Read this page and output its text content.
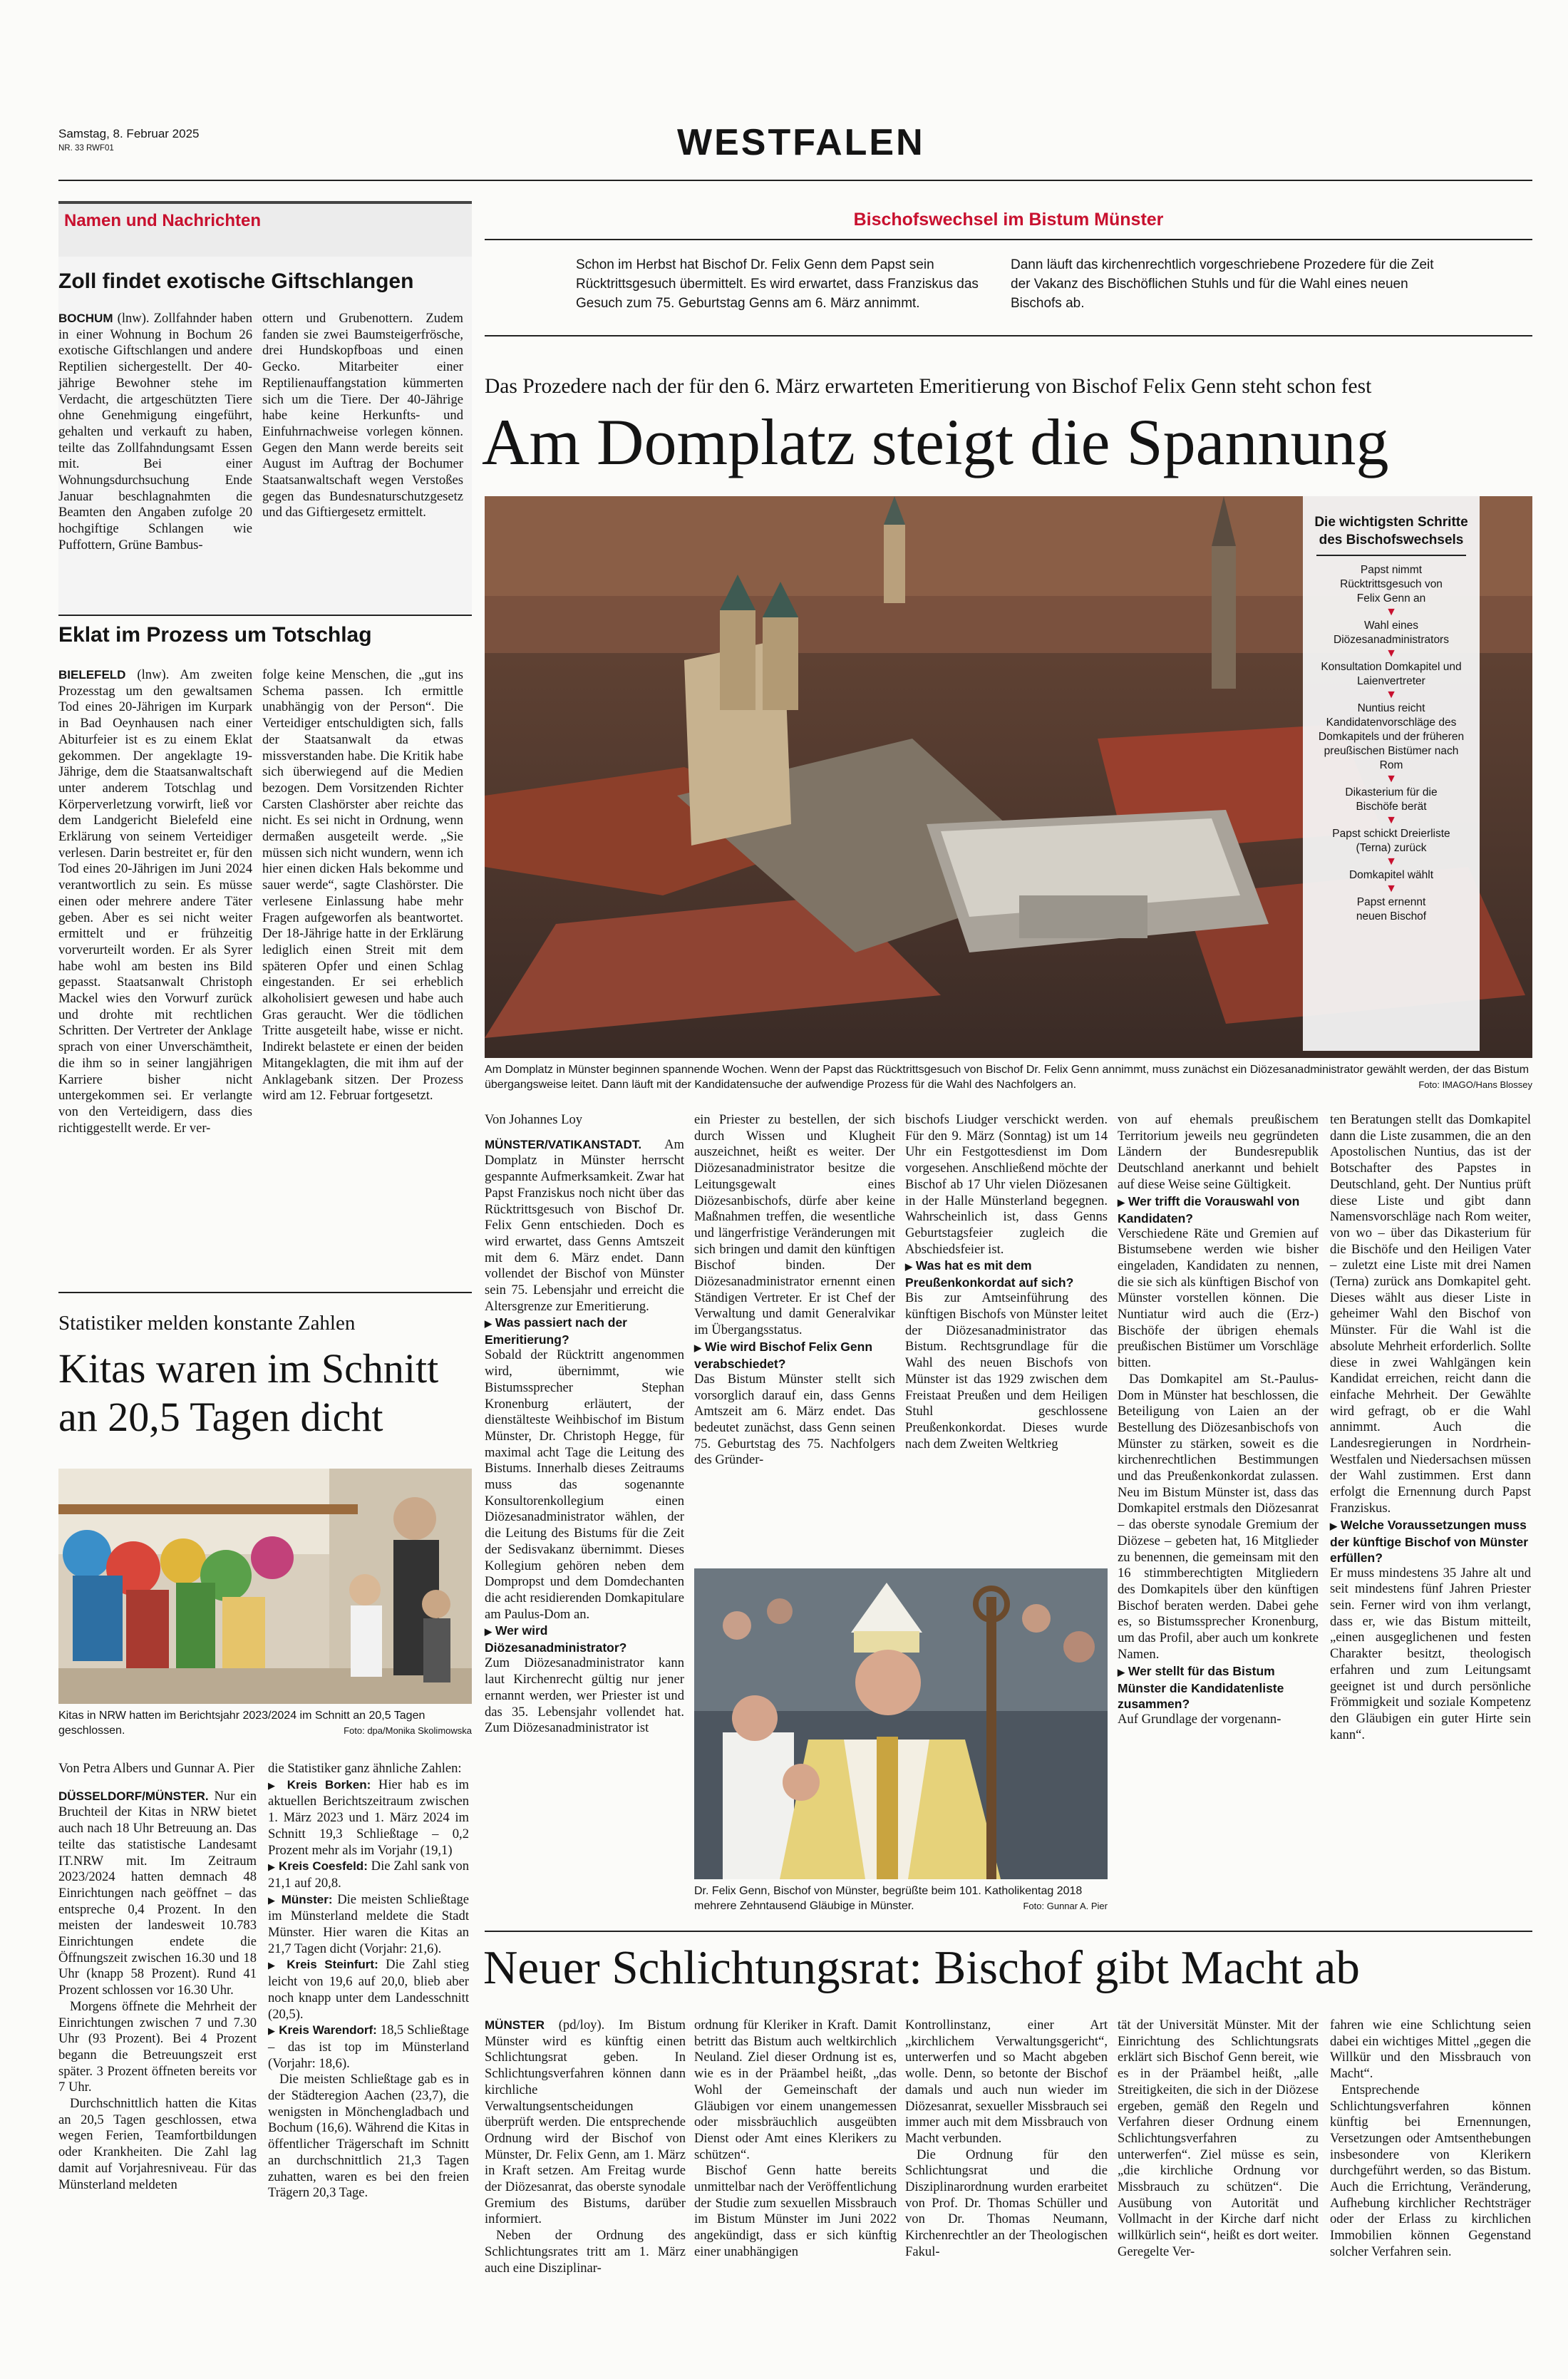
Samstag, 8. Februar 2025
NR. 33 RWF01	WESTFALEN
Namen und Nachrichten
Zoll findet exotische Giftschlangen
BOCHUM (lnw). Zollfahnder haben in einer Wohnung in Bochum 26 exotische Giftschlangen und andere Reptilien sichergestellt. Der 40-jährige Bewohner stehe im Verdacht, die artgeschützten Tiere ohne Genehmigung eingeführt, gehalten und verkauft zu haben, teilte das Zollfahndungsamt Essen mit. Bei einer Wohnungsdurchsuchung Ende Januar beschlagnahmten die Beamten den Angaben zufolge 20 hochgiftige Schlangen wie Puffottern, Grüne Bambus-
ottern und Grubenottern. Zudem fanden sie zwei Baumsteigerfrösche, drei Hundskopfboas und einen Gecko. Mitarbeiter einer Reptilienauffangstation kümmerten sich um die Tiere. Der 40-Jährige habe keine Herkunfts- und Einfuhrnachweise vorlegen können. Gegen den Mann werde bereits seit August im Auftrag der Bochumer Staatsanwaltschaft wegen Verstoßes gegen das Bundesnaturschutzgesetz und das Giftiergesetz ermittelt.
Eklat im Prozess um Totschlag
BIELEFELD (lnw). Am zweiten Prozesstag um den gewaltsamen Tod eines 20-Jährigen im Kurpark in Bad Oeynhausen nach einer Abiturfeier ist es zu einem Eklat gekommen. Der angeklagte 19-Jährige, dem die Staatsanwaltschaft unter anderem Totschlag und Körperverletzung vorwirft, ließ vor dem Landgericht Bielefeld eine Erklärung von seinem Verteidiger verlesen. Darin bestreitet er, für den Tod eines 20-Jährigen im Juni 2024 verantwortlich zu sein. Es müsse einen oder mehrere andere Täter geben. Aber es sei nicht weiter ermittelt und er frühzeitig vorverurteilt worden. Er als Syrer habe wohl am besten ins Bild gepasst. Staatsanwalt Christoph Mackel wies den Vorwurf zurück und drohte mit rechtlichen Schritten. Der Vertreter der Anklage sprach von einer Unverschämtheit, die ihm so in seiner langjährigen Karriere bisher nicht untergekommen sei. Er verlangte von den Verteidigern, dass dies richtiggestellt werde. Er ver-
folge keine Menschen, die „gut ins Schema passen. Ich ermittle unabhängig von der Person“. Die Verteidiger entschuldigten sich, falls der Staatsanwalt da etwas missverstanden habe. Die Kritik habe sich überwiegend auf die Medien bezogen. Dem Vorsitzenden Richter Carsten Clashörster aber reichte das nicht. Es sei nicht in Ordnung, wenn dermaßen ausgeteilt werde. „Sie müssen sich nicht wundern, wenn ich hier einen dicken Hals bekomme und sauer werde“, sagte Clashörster. Die verlesene Einlassung habe mehr Fragen aufgeworfen als beantwortet. Der 18-Jährige hatte in der Erklärung lediglich einen Streit mit dem späteren Opfer und einen Schlag eingestanden. Er sei erheblich alkoholisiert gewesen und habe auch Gras geraucht. Wer die tödlichen Tritte ausgeteilt habe, wisse er nicht. Indirekt belastete er einen der beiden Mitangeklagten, die mit ihm auf der Anklagebank sitzen. Der Prozess wird am 12. Februar fortgesetzt.
Statistiker melden konstante Zahlen
Kitas waren im Schnitt an 20,5 Tagen dicht
Kitas in NRW hatten im Berichtsjahr 2023/2024 im Schnitt an 20,5 Tagen geschlossen.	Foto: dpa/Monika Skolimowska

Von Petra Albers und Gunnar A. Pier

DÜSSELDORF/MÜNSTER. Nur ein Bruchteil der Kitas in NRW bietet auch nach 18 Uhr Betreuung an. Das teilte das statistische Landesamt IT.NRW mit. Im Zeitraum 2023/2024 hatten demnach 48 Einrichtungen nach geöffnet – das entspreche 0,4 Prozent. In den meisten der landesweit 10.783 Einrichtungen endete die Öffnungszeit zwischen 16.30 und 18 Uhr (knapp 58 Prozent). Rund 41 Prozent schlossen vor 16.30 Uhr.

Morgens öffnete die Mehrheit der Einrichtungen zwischen 7 und 7.30 Uhr (93 Prozent). Bei 4 Prozent begann die Betreuungszeit erst später. 3 Prozent öffneten bereits vor 7 Uhr.

Durchschnittlich hatten die Kitas an 20,5 Tagen geschlossen, etwa wegen Ferien, Teamfortbildungen oder Krankheiten. Die Zahl lag damit auf Vorjahresniveau. Für das Münsterland meldeten

die Statistiker ganz ähnliche Zahlen:

▶ Kreis Borken: Hier hab es im aktuellen Berichtszeitraum zwischen 1. März 2023 und 1. März 2024 im Schnitt 19,3 Schließtage – 0,2 Prozent mehr als im Vorjahr (19,1)

▶ Kreis Coesfeld: Die Zahl sank von 21,1 auf 20,8.

▶ Münster: Die meisten Schließtage im Münsterland meldete die Stadt Münster. Hier waren die Kitas an 21,7 Tagen dicht (Vorjahr: 21,6).

▶ Kreis Steinfurt: Die Zahl stieg leicht von 19,6 auf 20,0, blieb aber noch knapp unter dem Landesschnitt (20,5).

▶ Kreis Warendorf: 18,5 Schließtage – das ist top im Münsterland (Vorjahr: 18,6).

Die meisten Schließtage gab es in der Städteregion Aachen (23,7), die wenigsten in Mönchengladbach und Bochum (16,6). Während die Kitas in öffentlicher Trägerschaft im Schnitt an durchschnittlich 21,3 Tagen zuhatten, waren es bei den freien Trägern 20,3 Tage.

Bischofswechsel im Bistum Münster
Schon im Herbst hat Bischof Dr. Felix Genn dem Papst sein Rücktrittsgesuch übermittelt. Es wird erwartet, dass Franziskus das Gesuch zum 75. Geburtstag Genns am 6. März annimmt.
Dann läuft das kirchenrechtlich vorgeschriebene Prozedere für die Zeit der Vakanz des Bischöflichen Stuhls und für die Wahl eines neuen Bischofs ab.
Das Prozedere nach der für den 6. März erwarteten Emeritierung von Bischof Felix Genn steht schon fest
Am Domplatz steigt die Spannung
Die wichtigsten Schritte des Bischofswechsels

Papst nimmt Rücktrittsgesuch von Felix Genn an

▼

Wahl eines Diözesanadministrators

▼

Konsultation Domkapitel und Laienvertreter

▼

Nuntius reicht Kandidatenvorschläge des Domkapitels und der früheren preußischen Bistümer nach Rom

▼

Dikasterium für die Bischöfe berät

▼

Papst schickt Dreierliste (Terna) zurück

▼

Domkapitel wählt

▼

Papst ernennt neuen Bischof

Am Domplatz in Münster beginnen spannende Wochen. Wenn der Papst das Rücktrittsgesuch von Bischof Dr. Felix Genn annimmt, muss zunächst ein Diözesanadministrator gewählt werden, der das Bistum übergangsweise leitet. Dann läuft mit der Kandidatensuche der aufwendige Prozess für die Wahl des Nachfolgers an.	Foto: IMAGO/Hans Blossey

Von Johannes Loy

MÜNSTER/VATIKANSTADT. Am Domplatz in Münster herrscht gespannte Aufmerksamkeit. Zwar hat Papst Franziskus noch nicht über das Rücktrittsgesuch von Bischof Dr. Felix Genn entschieden. Doch es wird erwartet, dass Genns Amtszeit mit dem 6. März endet. Dann vollendet der Bischof von Münster sein 75. Lebensjahr und erreicht die Altersgrenze zur Emeritierung.

▶ Was passiert nach der Emeritierung?

Sobald der Rücktritt angenommen wird, übernimmt, wie Bistumssprecher Stephan Kronenburg erläutert, der dienstälteste Weihbischof im Bistum Münster, Dr. Christoph Hegge, für maximal acht Tage die Leitung des Bistums. Innerhalb dieses Zeitraums muss das sogenannte Konsultorenkollegium einen Diözesanadministrator wählen, der die Leitung des Bistums für die Zeit der Sedisvakanz übernimmt. Dieses Kollegium gehören neben dem Dompropst und dem Domdechanten die acht residierenden Domkapitulare am Paulus-Dom an.

▶ Wer wird Diözesanadministrator?

Zum Diözesanadministrator kann laut Kirchenrecht gültig nur jener ernannt werden, wer Priester ist und das 35. Lebensjahr vollendet hat. Zum Diözesanadministrator ist

ein Priester zu bestellen, der sich durch Wissen und Klugheit auszeichnet, heißt es weiter. Der Diözesanadministrator besitze die Leitungsgewalt eines Diözesanbischofs, dürfe aber keine Maßnahmen treffen, die wesentliche und längerfristige Veränderungen mit sich bringen und damit den künftigen Bischof binden. Der Diözesanadministrator ernennt einen Ständigen Vertreter. Er ist Chef der Verwaltung und damit Generalvikar im Übergangsstatus.

▶ Wie wird Bischof Felix Genn verabschiedet?

Das Bistum Münster stellt sich vorsorglich darauf ein, dass Genns Amtszeit am 6. März endet. Das bedeutet zunächst, dass Genn seinen 75. Geburtstag des 75. Nachfolgers des Gründer-

bischofs Liudger verschickt werden. Für den 9. März (Sonntag) ist um 14 Uhr ein Festgottesdienst im Dom vorgesehen. Anschließend möchte der Bischof ab 17 Uhr vielen Diözesanen in der Halle Münsterland begegnen. Wahrscheinlich ist, dass Genns Geburtstagsfeier zugleich die Abschiedsfeier ist.

▶ Was hat es mit dem Preußenkonkordat auf sich?

Bis zur Amtseinführung des künftigen Bischofs von Münster leitet der Diözesanadministrator das Bistum. Rechtsgrundlage für die Wahl des neuen Bischofs von Münster ist das 1929 zwischen dem Freistaat Preußen und dem Heiligen Stuhl geschlossene Preußenkonkordat. Dieses wurde nach dem Zweiten Weltkrieg

Dr. Felix Genn, Bischof von Münster, begrüßte beim 101. Katholikentag 2018 mehrere Zehntausend Gläubige in Münster.	Foto: Gunnar A. Pier

von auf ehemals preußischem Territorium jeweils neu gegründeten Ländern der Bundesrepublik Deutschland anerkannt und behielt auf diese Weise seine Gültigkeit.

▶ Wer trifft die Vorauswahl von Kandidaten?

Verschiedene Räte und Gremien auf Bistumsebene werden wie bisher eingeladen, Kandidaten zu nennen, die sie sich als künftigen Bischof von Münster vorstellen können. Die Nuntiatur wird auch die (Erz-) Bischöfe der übrigen ehemals preußischen Bistümer um Vorschläge bitten.

Das Domkapitel am St.-Paulus-Dom in Münster hat beschlossen, die Beteiligung von Laien an der Bestellung des Diözesanbischofs von Münster zu stärken, soweit es die kirchenrechtlichen Bestimmungen und das Preußenkonkordat zulassen. Neu im Bistum Münster ist, dass das Domkapitel erstmals den Diözesanrat – das oberste synodale Gremium der Diözese – gebeten hat, 16 Mitglieder zu benennen, die gemeinsam mit den 16 stimmberechtigten Mitgliedern des Domkapitels über den künftigen Bischof beraten werden. Dabei gehe es, so Bistumssprecher Kronenburg, um das Profil, aber auch um konkrete Namen.

▶ Wer stellt für das Bistum Münster die Kandidatenliste zusammen?

Auf Grundlage der vorgenann-

ten Beratungen stellt das Domkapitel dann die Liste zusammen, die an den Apostolischen Nuntius, das ist der Botschafter des Papstes in Deutschland, geht. Der Nuntius prüft diese Liste und gibt dann Namensvorschläge nach Rom weiter, von wo – über das Dikasterium für die Bischöfe und den Heiligen Vater – zuletzt eine Liste mit drei Namen (Terna) zurück ans Domkapitel geht. Dieses wählt aus dieser Liste in geheimer Wahl den Bischof von Münster. Für die Wahl ist die absolute Mehrheit erforderlich. Sollte diese in zwei Wahlgängen kein Kandidat erreichen, reicht dann die einfache Mehrheit. Der Gewählte wird gefragt, ob er die Wahl annimmt. Auch die Landesregierungen in Nordrhein-Westfalen und Niedersachsen müssen der Wahl zustimmen. Erst dann erfolgt die Ernennung durch Papst Franziskus.

▶ Welche Voraussetzungen muss der künftige Bischof von Münster erfüllen?

Er muss mindestens 35 Jahre alt und seit mindestens fünf Jahren Priester sein. Ferner wird von ihm verlangt, dass er, wie das Bistum mitteilt, „einen ausgeglichenen und festen Charakter besitzt, theologisch erfahren und zum Leitungsamt geeignet ist und durch persönliche Frömmigkeit und soziale Kompetenz den Gläubigen ein guter Hirte sein kann“.

Neuer Schlichtungsrat: Bischof gibt Macht ab

MÜNSTER (pd/loy). Im Bistum Münster wird es künftig einen Schlichtungsrat geben. In Schlichtungsverfahren können dann kirchliche Verwaltungsentscheidungen überprüft werden. Die entsprechende Ordnung wird der Bischof von Münster, Dr. Felix Genn, am 1. März in Kraft setzen. Am Freitag wurde der Diözesanrat, das oberste synodale Gremium des Bistums, darüber informiert.

Neben der Ordnung des Schlichtungsrates tritt am 1. März auch eine Disziplinar-

ordnung für Kleriker in Kraft. Damit betritt das Bistum auch weltkirchlich Neuland. Ziel dieser Ordnung ist es, wie es in der Präambel heißt, „das Wohl der Gemeinschaft der Gläubigen vor einem unangemessen oder missbräuchlich ausgeübten Dienst oder Amt eines Klerikers zu schützen“.

Bischof Genn hatte bereits unmittelbar nach der Veröffentlichung der Studie zum sexuellen Missbrauch im Bistum Münster im Juni 2022 angekündigt, dass er sich künftig einer unabhängigen

Kontrollinstanz, einer Art „kirchlichem Verwaltungsgericht“, unterwerfen und so Macht abgeben wolle. Denn, so betonte der Bischof damals und auch nun wieder im Diözesanrat, sexueller Missbrauch sei immer auch mit dem Missbrauch von Macht verbunden.

Die Ordnung für den Schlichtungsrat und die Disziplinarordnung wurden erarbeitet von Prof. Dr. Thomas Schüller und von Dr. Thomas Neumann, Kirchenrechtler an der Theologischen Fakul-

tät der Universität Münster. Mit der Einrichtung des Schlichtungsrats erklärt sich Bischof Genn bereit, wie es in der Präambel heißt, „alle Streitigkeiten, die sich in der Diözese ergeben, gemäß den Regeln und Verfahren dieser Ordnung einem Schlichtungsverfahren zu unterwerfen“. Ziel müsse es sein, „die kirchliche Ordnung vor Missbrauch zu schützen“. Die Ausübung von Autorität und Vollmacht in der Kirche darf nicht willkürlich sein“, heißt es dort weiter. Geregelte Ver-

fahren wie eine Schlichtung seien dabei ein wichtiges Mittel „gegen die Willkür und den Missbrauch von Macht“.

Entsprechende Schlichtungsverfahren können künftig bei Ernennungen, Versetzungen oder Amtsenthebungen insbesondere von Klerikern durchgeführt werden, so das Bistum. Auch die Errichtung, Veränderung, Aufhebung kirchlicher Rechtsträger oder der Erlass zu kirchlichen Immobilien können Gegenstand solcher Verfahren sein.
